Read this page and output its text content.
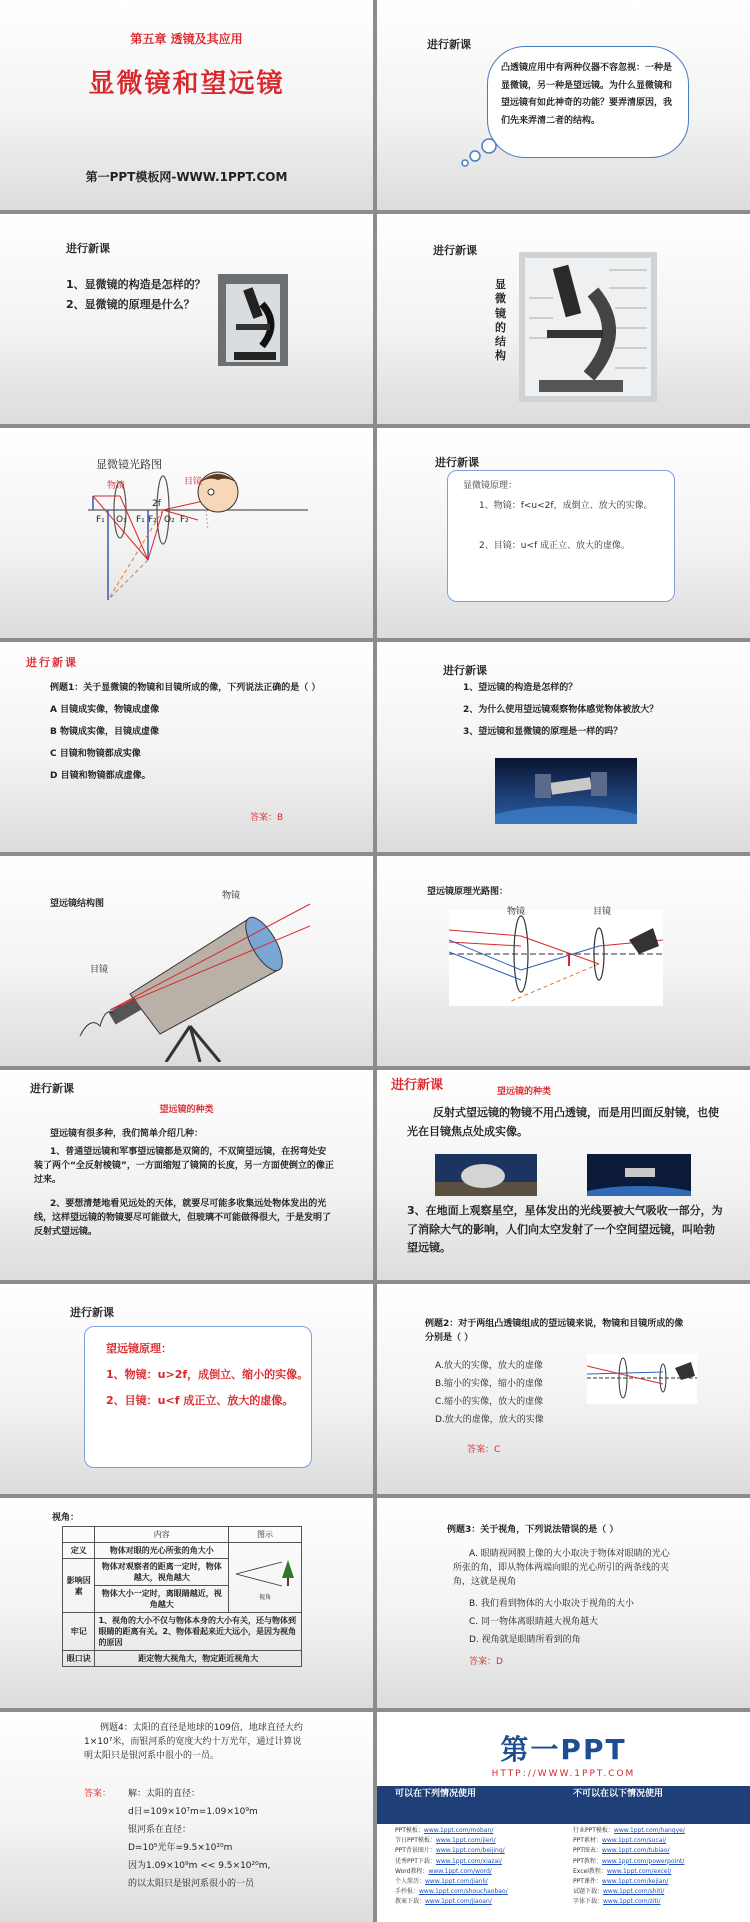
第五章 透镜及其应用
显微镜和望远镜
第一PPT模板网-WWW.1PPT.COM
进行新课
凸透镜应用中有两种仪器不容忽视：一种是显微镜，另一种是望远镜。为什么显微镜和望远镜有如此神奇的功能？要弄清原因，我们先来弄清二者的结构。
进行新课
1、显微镜的构造是怎样的？
2、显微镜的原理是什么？
进行新课
显微镜的结构
显微镜光路图
物镜	目镜
F₁ O₁ F₁ F₂ O₂ F₂
2f
进行新课
显微镜原理：
1、物镜：f<u<2f，成倒立、放大的实像。
2、目镜：u<f 成正立、放大的虚像。
进行新课
例题1：关于显微镜的物镜和目镜所成的像，下列说法正确的是（ ）
A 目镜成实像，物镜成虚像
B 物镜成实像，目镜成虚像
C 目镜和物镜都成实像
D 目镜和物镜都成虚像。
答案：B
进行新课
1、望远镜的构造是怎样的？
2、为什么使用望远镜观察物体感觉物体被放大？
3、望远镜和显微镜的原理是一样的吗？
望远镜结构图
物镜
目镜
望远镜原理光路图：
物镜	目镜
进行新课
望远镜的种类
望远镜有很多种，我们简单介绍几种：
1、普通望远镜和军事望远镜都是双筒的，不双筒望远镜，在拐弯处安装了两个“全反射棱镜”，一方面缩短了镜筒的长度，另一方面使倒立的像正过来。
2、要想清楚地看见远处的天体，就要尽可能多收集远处物体发出的光线，这样望远镜的物镜要尽可能做大，但玻璃不可能做得很大，于是发明了反射式望远镜。
进行新课	望远镜的种类
反射式望远镜的物镜不用凸透镜，而是用凹面反射镜，也使光在目镜焦点处成实像。
3、在地面上观察星空，星体发出的光线要被大气吸收一部分，为了消除大气的影响，人们向太空发射了一个空间望远镜，叫哈勃望远镜。
进行新课
望远镜原理：
1、物镜：u>2f，成倒立、缩小的实像。
2、目镜：u<f 成正立、放大的虚像。
例题2：对于两组凸透镜组成的望远镜来说，物镜和目镜所成的像分别是（ ）
A.放大的实像，放大的虚像
B.缩小的实像，缩小的虚像
C.缩小的实像，放大的虚像
D.放大的虚像，放大的实像
答案：C
视角：
	内容	图示
定义	物体对眼的光心所张的角大小	视角

影响因素	物体对观察者的距离一定时，物体越大，视角越大	
	物体大小一定时，离眼睛越近，视角越大	
牢记	1、视角的大小不仅与物体本身的大小有关，还与物体到眼睛的距离有关。2、物体看起来近大远小，是因为视角的原因	
眼口诀	距定物大视角大，物定距近视角大	
例题3：关于视角，下列说法错误的是（ ）
A. 眼睛视网膜上像的大小取决于物体对眼睛的光心所张的角，即从物体两端向眼的光心所引的两条线的夹角，这就是视角
B. 我们看到物体的大小取决于视角的大小
C. 同一物体离眼睛越大视角越大
D. 视角就是眼睛所看到的角
答案：D
例题4：太阳的直径是地球的109倍，地球直径大约1×10⁷米，而银河系的宽度大约十万光年，通过计算说明太阳只是银河系中很小的一员。
答案： 解：太阳的直径：
d日=109×10⁷m=1.09×10⁹m
银河系在直径：
D=10⁵光年=9.5×10²⁰m
因为1.09×10⁹m << 9.5×10²⁰m,
的以太阳只是银河系很小的一员
第一PPT
HTTP://WWW.1PPT.COM
可以在下列情况使用	不可以在以下情况使用
PPT模板：www.1ppt.com/moban/
节日PPT模板：www.1ppt.com/jieri/
PPT背景图片：www.1ppt.com/beijing/
优秀PPT下载：www.1ppt.com/xiazai/
Word教程：www.1ppt.com/word/
个人简历：www.1ppt.com/jianli/
手抄报：www.1ppt.com/shouchaobao/
教案下载：www.1ppt.com/jiaoan/
行业PPT模板：www.1ppt.com/hangye/
PPT素材：www.1ppt.com/sucai/
PPT图表：www.1ppt.com/tubiao/
PPT教程：www.1ppt.com/powerpoint/
Excel教程：www.1ppt.com/excel/
PPT课件：www.1ppt.com/kejian/
试题下载：www.1ppt.com/shiti/
字体下载：www.1ppt.com/ziti/
